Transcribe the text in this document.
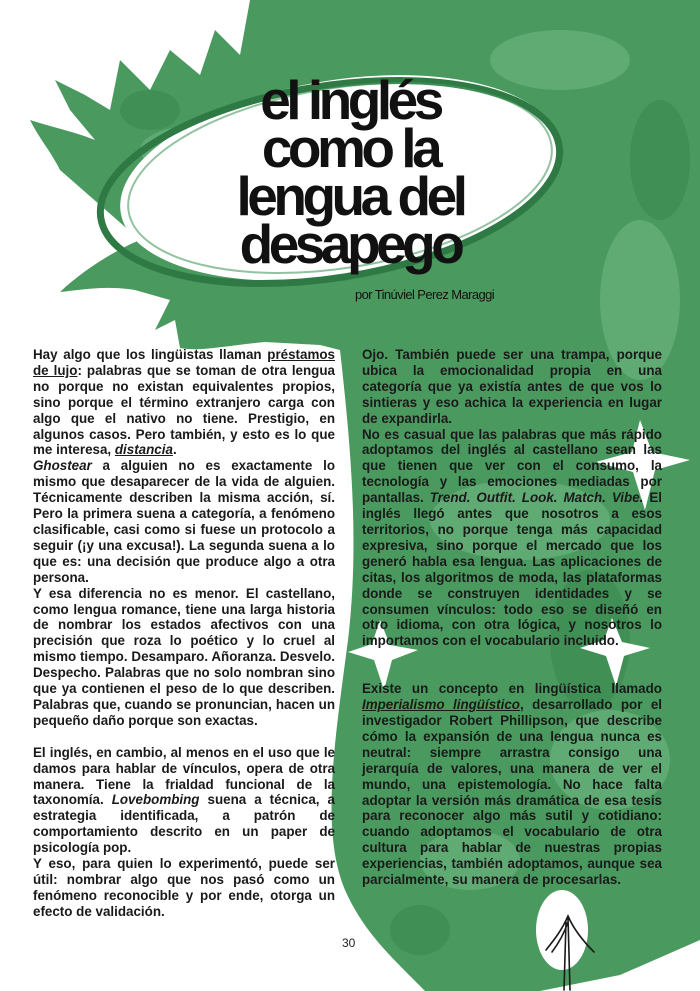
el inglés
como la
lengua del
desapego
por Tinúviel Perez Maraggi

Hay algo que los lingüistas llaman préstamos de lujo: palabras que se toman de otra lengua no porque no existan equivalentes propios, sino porque el término extranjero carga con algo que el nativo no tiene. Prestigio, en algunos casos. Pero también, y esto es lo que me interesa, distancia.

Ghostear a alguien no es exactamente lo mismo que desaparecer de la vida de alguien. Técnicamente describen la misma acción, sí. Pero la primera suena a categoría, a fenómeno clasificable, casi como si fuese un protocolo a seguir (¡y una excusa!). La segunda suena a lo que es: una decisión que produce algo a otra persona.

Y esa diferencia no es menor. El castellano, como lengua romance, tiene una larga historia de nombrar los estados afectivos con una precisión que roza lo poético y lo cruel al mismo tiempo. Desamparo. Añoranza. Desvelo. Despecho. Palabras que no solo nombran sino que ya contienen el peso de lo que describen. Palabras que, cuando se pronuncian, hacen un pequeño daño porque son exactas.

El inglés, en cambio, al menos en el uso que le damos para hablar de vínculos, opera de otra manera. Tiene la frialdad funcional de la taxonomía. Lovebombing suena a técnica, a estrategia identificada, a patrón de comportamiento descrito en un paper de psicología pop.

Y eso, para quien lo experimentó, puede ser útil: nombrar algo que nos pasó como un fenómeno reconocible y por ende, otorga un efecto de validación.

Ojo. También puede ser una trampa, porque ubica la emocionalidad propia en una categoría que ya existía antes de que vos lo sintieras y eso achica la experiencia en lugar de expandirla.

No es casual que las palabras que más rápido adoptamos del inglés al castellano sean las que tienen que ver con el consumo, la tecnología y las emociones mediadas por pantallas. Trend. Outfit. Look. Match. Vibe. El inglés llegó antes que nosotros a esos territorios, no porque tenga más capacidad expresiva, sino porque el mercado que los generó habla esa lengua. Las aplicaciones de citas, los algoritmos de moda, las plataformas donde se construyen identidades y se consumen vínculos: todo eso se diseñó en otro idioma, con otra lógica, y nosotros lo importamos con el vocabulario incluido.

Existe un concepto en lingüística llamado Imperialismo lingüístico, desarrollado por el investigador Robert Phillipson, que describe cómo la expansión de una lengua nunca es neutral: siempre arrastra consigo una jerarquía de valores, una manera de ver el mundo, una epistemología. No hace falta adoptar la versión más dramática de esa tesis para reconocer algo más sutil y cotidiano: cuando adoptamos el vocabulario de otra cultura para hablar de nuestras propias experiencias, también adoptamos, aunque sea parcialmente, su manera de procesarlas.

30
